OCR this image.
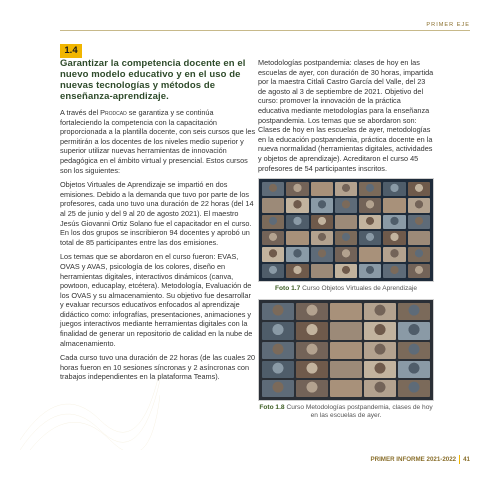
PRIMER EJE
1.4
Garantizar la competencia docente en el nuevo modelo educativo y en el uso de nuevas tecnologías y métodos de enseñanza-aprendizaje.

A través del Prodcad se garantiza y se continúa fortaleciendo la competencia con la capacitación proporcionada a la plantilla docente, con seis cursos que les permitirán a los docentes de los niveles medio superior y superior utilizar nuevas herramientas de innovación pedagógica en el ámbito virtual y presencial. Estos cursos son los siguientes:

Objetos Virtuales de Aprendizaje se impartió en dos emisiones. Debido a la demanda que tuvo por parte de los profesores, cada uno tuvo una duración de 22 horas (del 14 al 25 de junio y del 9 al 20 de agosto 2021). El maestro Jesús Giovanni Ortiz Solano fue el capacitador en el curso. En los dos grupos se inscribieron 94 docentes y aprobó un total de 85 participantes entre las dos emisiones.

Los temas que se abordaron en el curso fueron: EVAS, OVAS y AVAS, psicología de los colores, diseño en herramientas digitales, interactivos dinámicos (canva, powtoon, educaplay, etcétera). Metodología, Evaluación de los OVAS y su almacenamiento. Su objetivo fue desarrollar y evaluar recursos educativos enfocados al aprendizaje didáctico como: infografías, presentaciones, animaciones y juegos interactivos mediante herramientas digitales con la finalidad de generar un repositorio de calidad en la nube de almacenamiento.

Cada curso tuvo una duración de 22 horas (de las cuales 20 horas fueron en 10 sesiones síncronas y 2 asíncronas con trabajos independientes en la plataforma Teams).

Metodologías postpandemia: clases de hoy en las escuelas de ayer, con duración de 30 horas, impartida por la maestra Citlali Castro García del Valle, del 23 de agosto al 3 de septiembre de 2021. Objetivo del curso: promover la innovación de la práctica educativa mediante metodologías para la enseñanza postpandemia. Los temas que se abordaron son: Clases de hoy en las escuelas de ayer, metodologías en la educación postpandemia, práctica docente en la nueva normalidad (herramientas digitales, actividades y objetos de aprendizaje). Acreditaron el curso 45 profesores de 54 participantes inscritos.

Foto 1.7 Curso Objetos Virtuales de Aprendizaje

Foto 1.8 Curso Metodologías postpandemia, clases de hoy en las escuelas de ayer.

PRIMER INFORME 2021-2022 41
